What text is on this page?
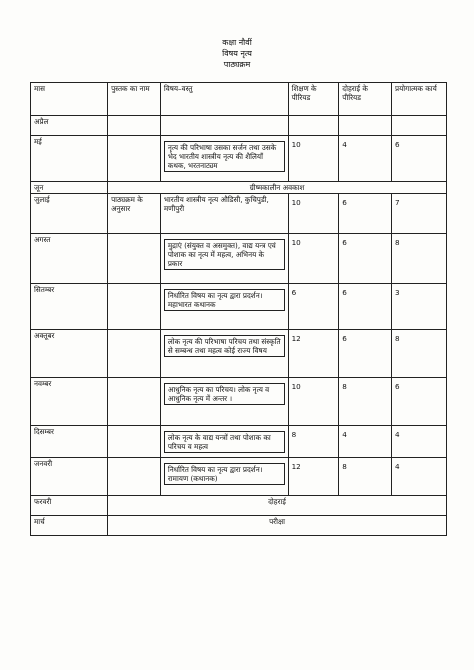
कक्षा नौवीं
विषय नृत्य
पाठ्यक्रम
मास	पुस्तक का नाम	विषय–वस्तु	शिक्षण के पीरियड	दोहराई के पीरियड	प्रयोगात्मक कार्य
अप्रैल					
मई		नृत्य की परिभाषा उसका सर्जन तथा उसके भेद भारतीय शास्त्रीय नृत्य की शैलियाँ कथक, भरतनाट्यम	10	4	6
जून	ग्रीष्मकालीन अवकाश				
जुलाई	पाठ्यक्रम के अनुसार	भारतीय शास्त्रीय नृत्य औडिसी, कुचिपुडी, मणीपुरी	10	6	7
अगस्त		मुद्राएं (संयुक्त व असमुक्त), वाद्य यन्त्र एवं पोशाक का नृत्य में महत्व, अभिनय के प्रकार	10	6	8
सितम्बर		निर्धारित विषय का नृत्य द्वारा प्रदर्शन। महाभारत कथानक	6	6	3
अक्तूबर		लोक नृत्य की परिभाषा परिचय तथा संस्कृति से सम्बन्ध तथा महत्व कोई राज्य विषय	12	6	8
नवम्बर		आधुनिक नृत्य का परिचय। लोक नृत्य व आधुनिक नृत्य में अन्तर ।	10	8	6
दिसम्बर		लोक नृत्य के वाद्य यन्त्रों तथा पोशाक का परिचय व महत्व	8	4	4
जनवरी		निर्धारित विषय का नृत्य द्वारा प्रदर्शन। रामायण (कथानक)	12	8	4
फरवरी	दोहराई				
मार्च	परीक्षा				
